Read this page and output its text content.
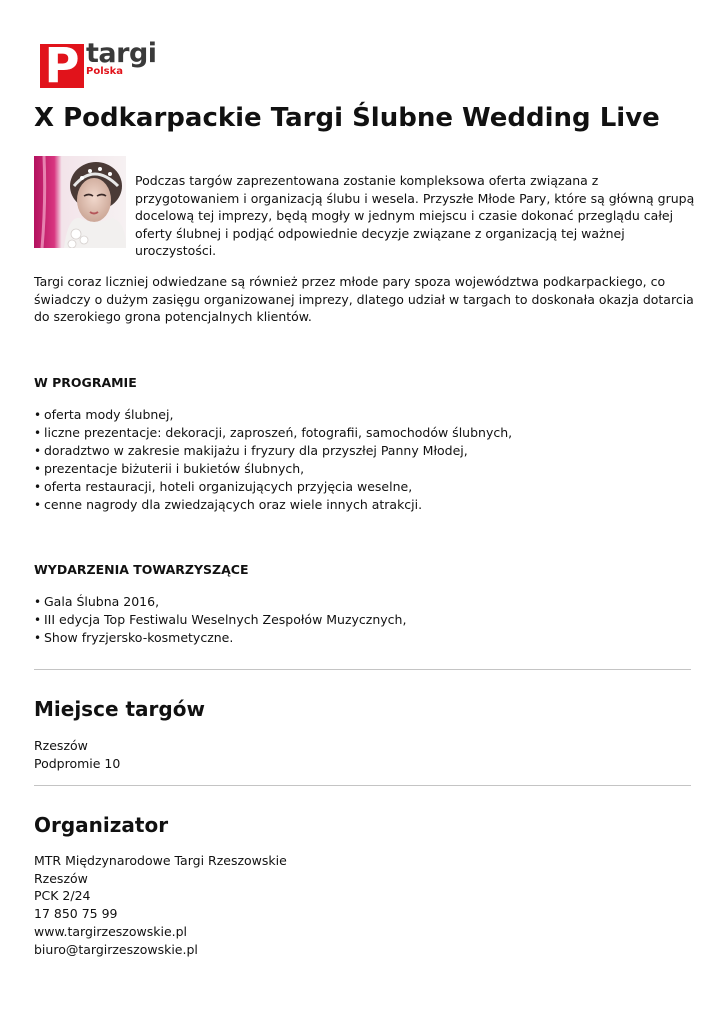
P targi
Polska
X Podkarpackie Targi Ślubne Wedding Live

Podczas targów zaprezentowana zostanie kompleksowa oferta związana z przygotowaniem i organizacją ślubu i wesela. Przyszłe Młode Pary, które są główną grupą docelową tej imprezy, będą mogły w jednym miejscu i czasie dokonać przeglądu całej oferty ślubnej i podjąć odpowiednie decyzje związane z organizacją tej ważnej uroczystości.

Targi coraz liczniej odwiedzane są również przez młode pary spoza województwa podkarpackiego, co świadczy o dużym zasięgu organizowanej imprezy, dlatego udział w targach to doskonała okazja dotarcia do szerokiego grona potencjalnych klientów.

W PROGRAMIE
• oferta mody ślubnej,
• liczne prezentacje: dekoracji, zaproszeń, fotografii, samochodów ślubnych,
• doradztwo w zakresie makijażu i fryzury dla przyszłej Panny Młodej,
• prezentacje biżuterii i bukietów ślubnych,
• oferta restauracji, hoteli organizujących przyjęcia weselne,
• cenne nagrody dla zwiedzających oraz wiele innych atrakcji.
WYDARZENIA TOWARZYSZĄCE
• Gala Ślubna 2016,
• III edycja Top Festiwalu Weselnych Zespołów Muzycznych,
• Show fryzjersko-kosmetyczne.
Miejsce targów
Rzeszów
Podpromie 10
Organizator
MTR Międzynarodowe Targi Rzeszowskie
Rzeszów
PCK 2/24
17 850 75 99
www.targirzeszowskie.pl
biuro@targirzeszowskie.pl
